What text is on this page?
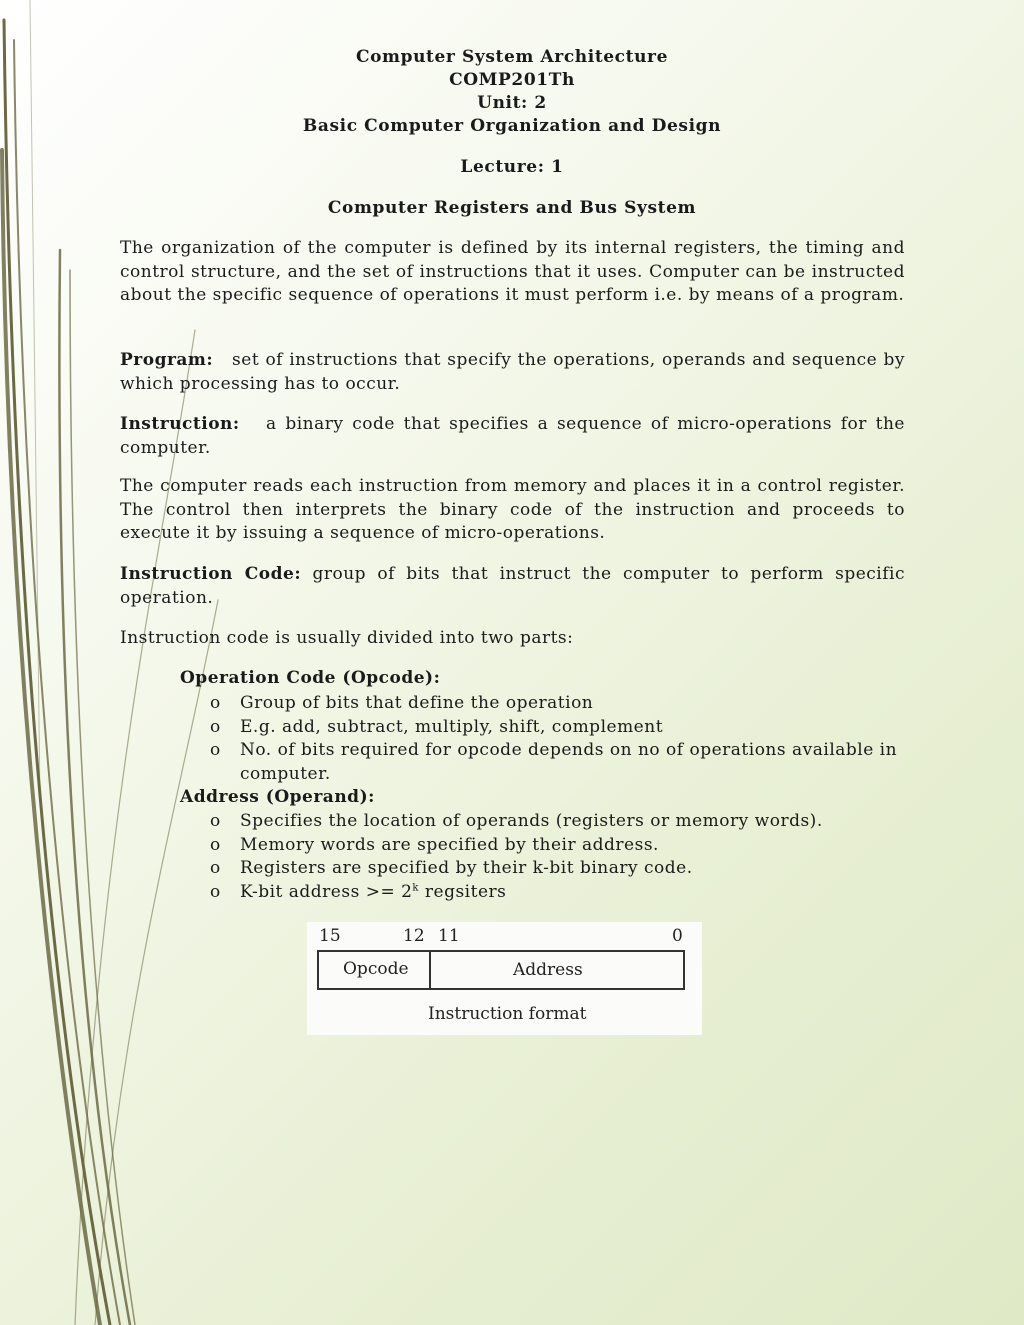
Computer System Architecture
COMP201Th
Unit: 2
Basic Computer Organization and Design
Lecture: 1
Computer Registers and Bus System
The organization of the computer is defined by its internal registers, the timing and control structure, and the set of instructions that it uses. Computer can be instructed about the specific sequence of operations it must perform i.e. by means of a program.
Program: set of instructions that specify the operations, operands and sequence by which processing has to occur.
Instruction: a binary code that specifies a sequence of micro-operations for the computer.
The computer reads each instruction from memory and places it in a control register. The control then interprets the binary code of the instruction and proceeds to execute it by issuing a sequence of micro-operations.
Instruction Code: group of bits that instruct the computer to perform specific operation.
Instruction code is usually divided into two parts:
Operation Code (Opcode):
o Group of bits that define the operation
o E.g. add, subtract, multiply, shift, complement
o No. of bits required for opcode depends on no of operations available in computer.
Address (Operand):
o Specifies the location of operands (registers or memory words).
o Memory words are specified by their address.
o Registers are specified by their k-bit binary code.
o K-bit address >= $2^k$ regsiters
15	12 11	0
Opcode	Address
Instruction format
